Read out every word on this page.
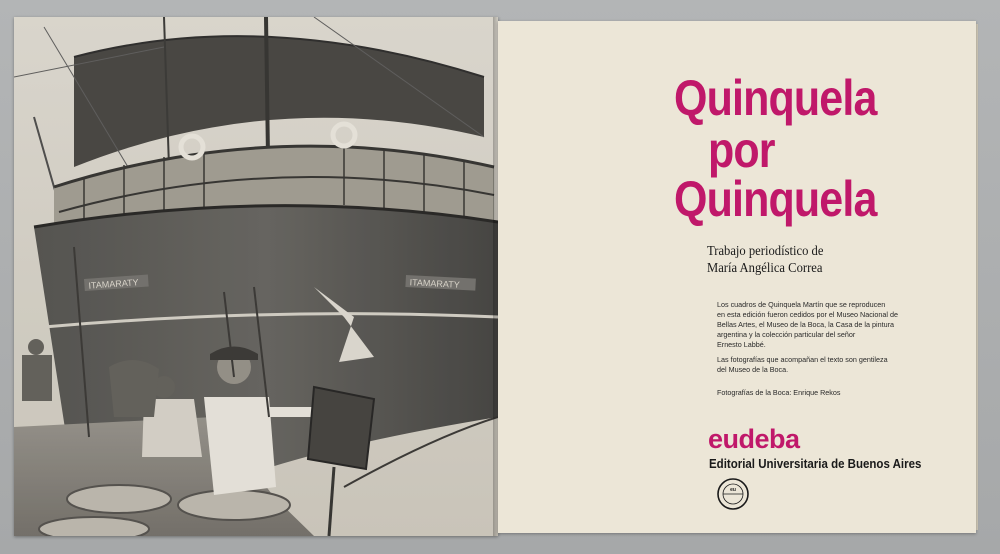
ITAMARATY	ITAMARATY
Quinquela
por
Quinquela
Trabajo periodístico de
María Angélica Correa
Los cuadros de Quinquela Martín que se reproducen
en esta edición fueron cedidos por el Museo Nacional de
Bellas Artes, el Museo de la Boca, la Casa de la pintura
argentina y la colección particular del señor
Ernesto Labbé.
Las fotografías que acompañan el texto son gentileza
del Museo de la Boca.
Fotografías de la Boca: Enrique Rekos
eudeba
Editorial Universitaria de Buenos Aires
eu
